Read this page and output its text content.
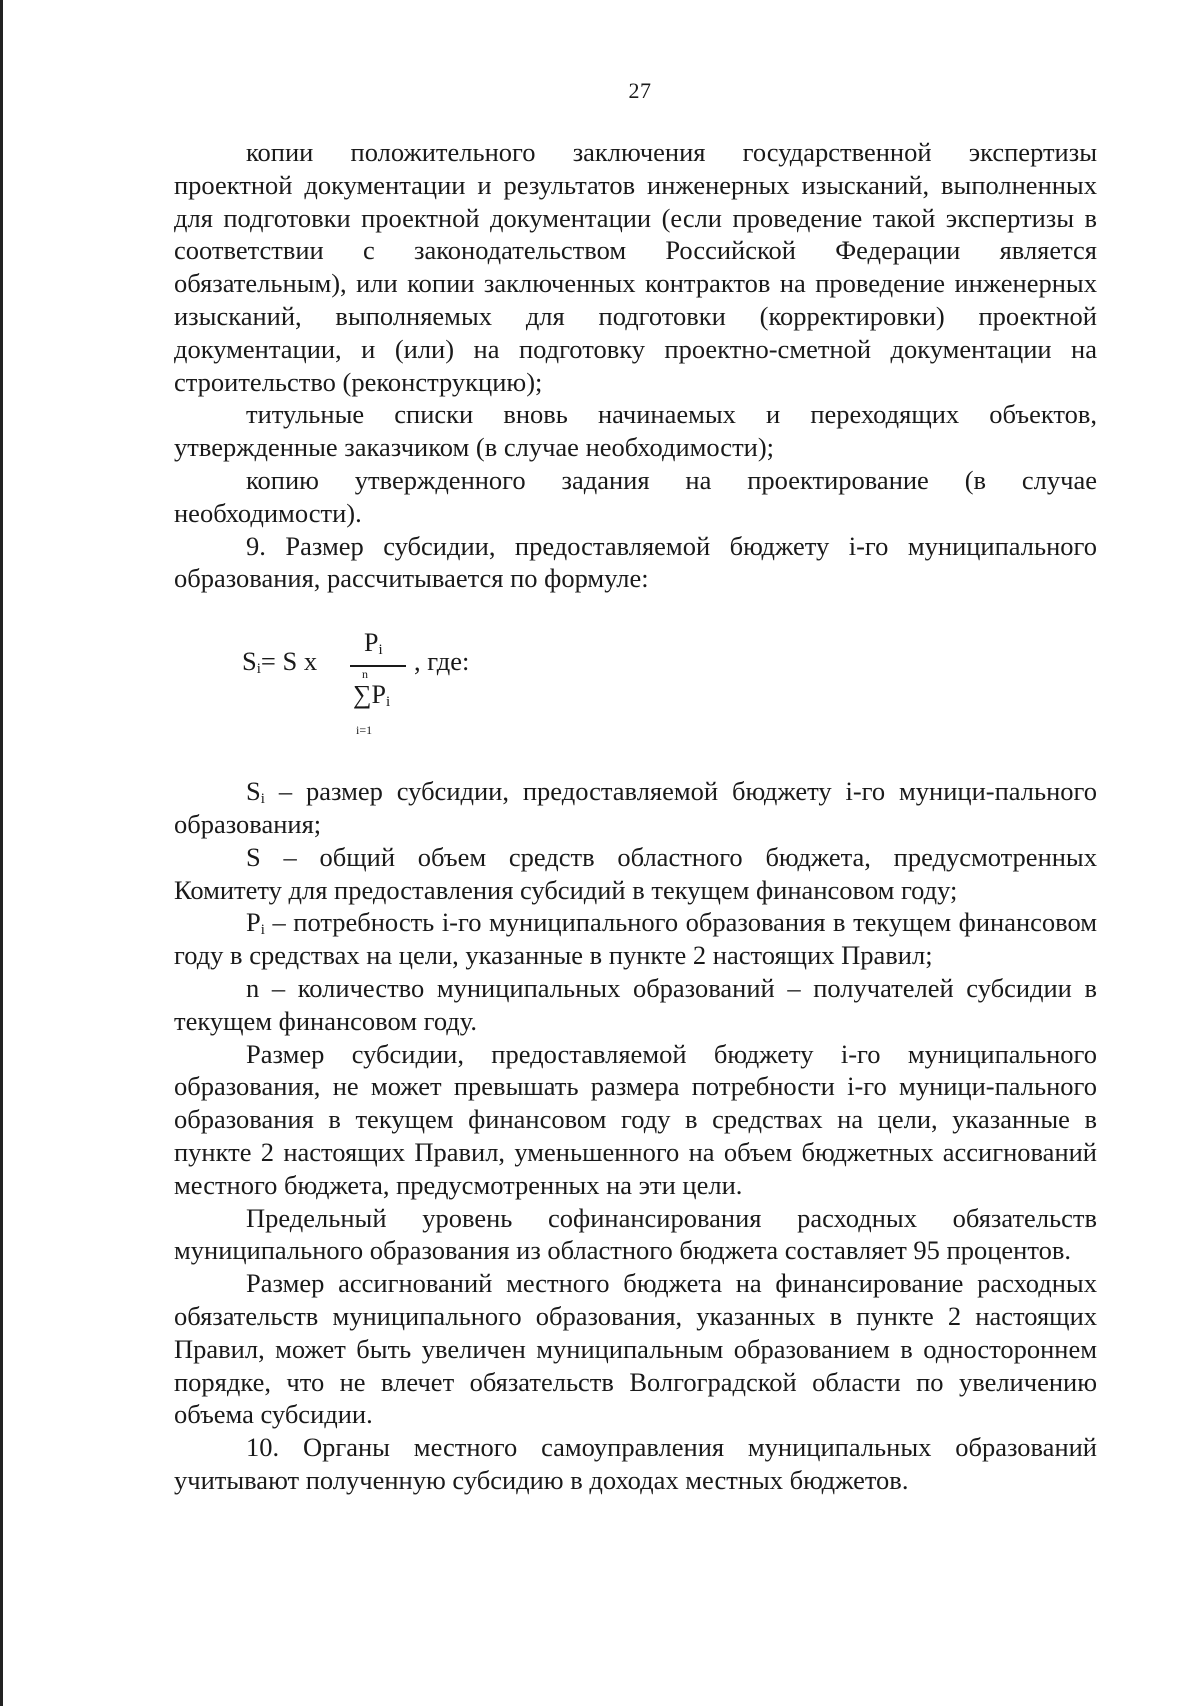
27

копии положительного заключения государственной экспертизы проектной документации и результатов инженерных изысканий, выполненных для подготовки проектной документации (если проведение такой экспертизы в соответствии с законодательством Российской Федерации является обязательным), или копии заключенных контрактов на проведение инженерных изысканий, выполняемых для подготовки (корректировки) проектной документации, и (или) на подготовку проектно-сметной документации на строительство (реконструкцию);

титульные списки вновь начинаемых и переходящих объектов, утвержденные заказчиком (в случае необходимости);

копию утвержденного задания на проектирование (в случае необходимости).

9. Размер субсидии, предоставляемой бюджету i-го муниципального образования, рассчитывается по формуле:

$S_i= S$ x
$P_i$
n
$\sum P_i$
i=1
, где:

$S_i$ – размер субсидии, предоставляемой бюджету i-го муници-пального образования;

S – общий объем средств областного бюджета, предусмотренных Комитету для предоставления субсидий в текущем финансовом году;

$P_i$ – потребность i-го муниципального образования в текущем финансовом году в средствах на цели, указанные в пункте 2 настоящих Правил;

n – количество муниципальных образований – получателей субсидии в текущем финансовом году.

Размер субсидии, предоставляемой бюджету i-го муниципального образования, не может превышать размера потребности i-го муници-пального образования в текущем финансовом году в средствах на цели, указанные в пункте 2 настоящих Правил, уменьшенного на объем бюджетных ассигнований местного бюджета, предусмотренных на эти цели.

Предельный уровень софинансирования расходных обязательств муниципального образования из областного бюджета составляет 95 процентов.

Размер ассигнований местного бюджета на финансирование расходных обязательств муниципального образования, указанных в пункте 2 настоящих Правил, может быть увеличен муниципальным образованием в одностороннем порядке, что не влечет обязательств Волгоградской области по увеличению объема субсидии.

10. Органы местного самоуправления муниципальных образований учитывают полученную субсидию в доходах местных бюджетов.
